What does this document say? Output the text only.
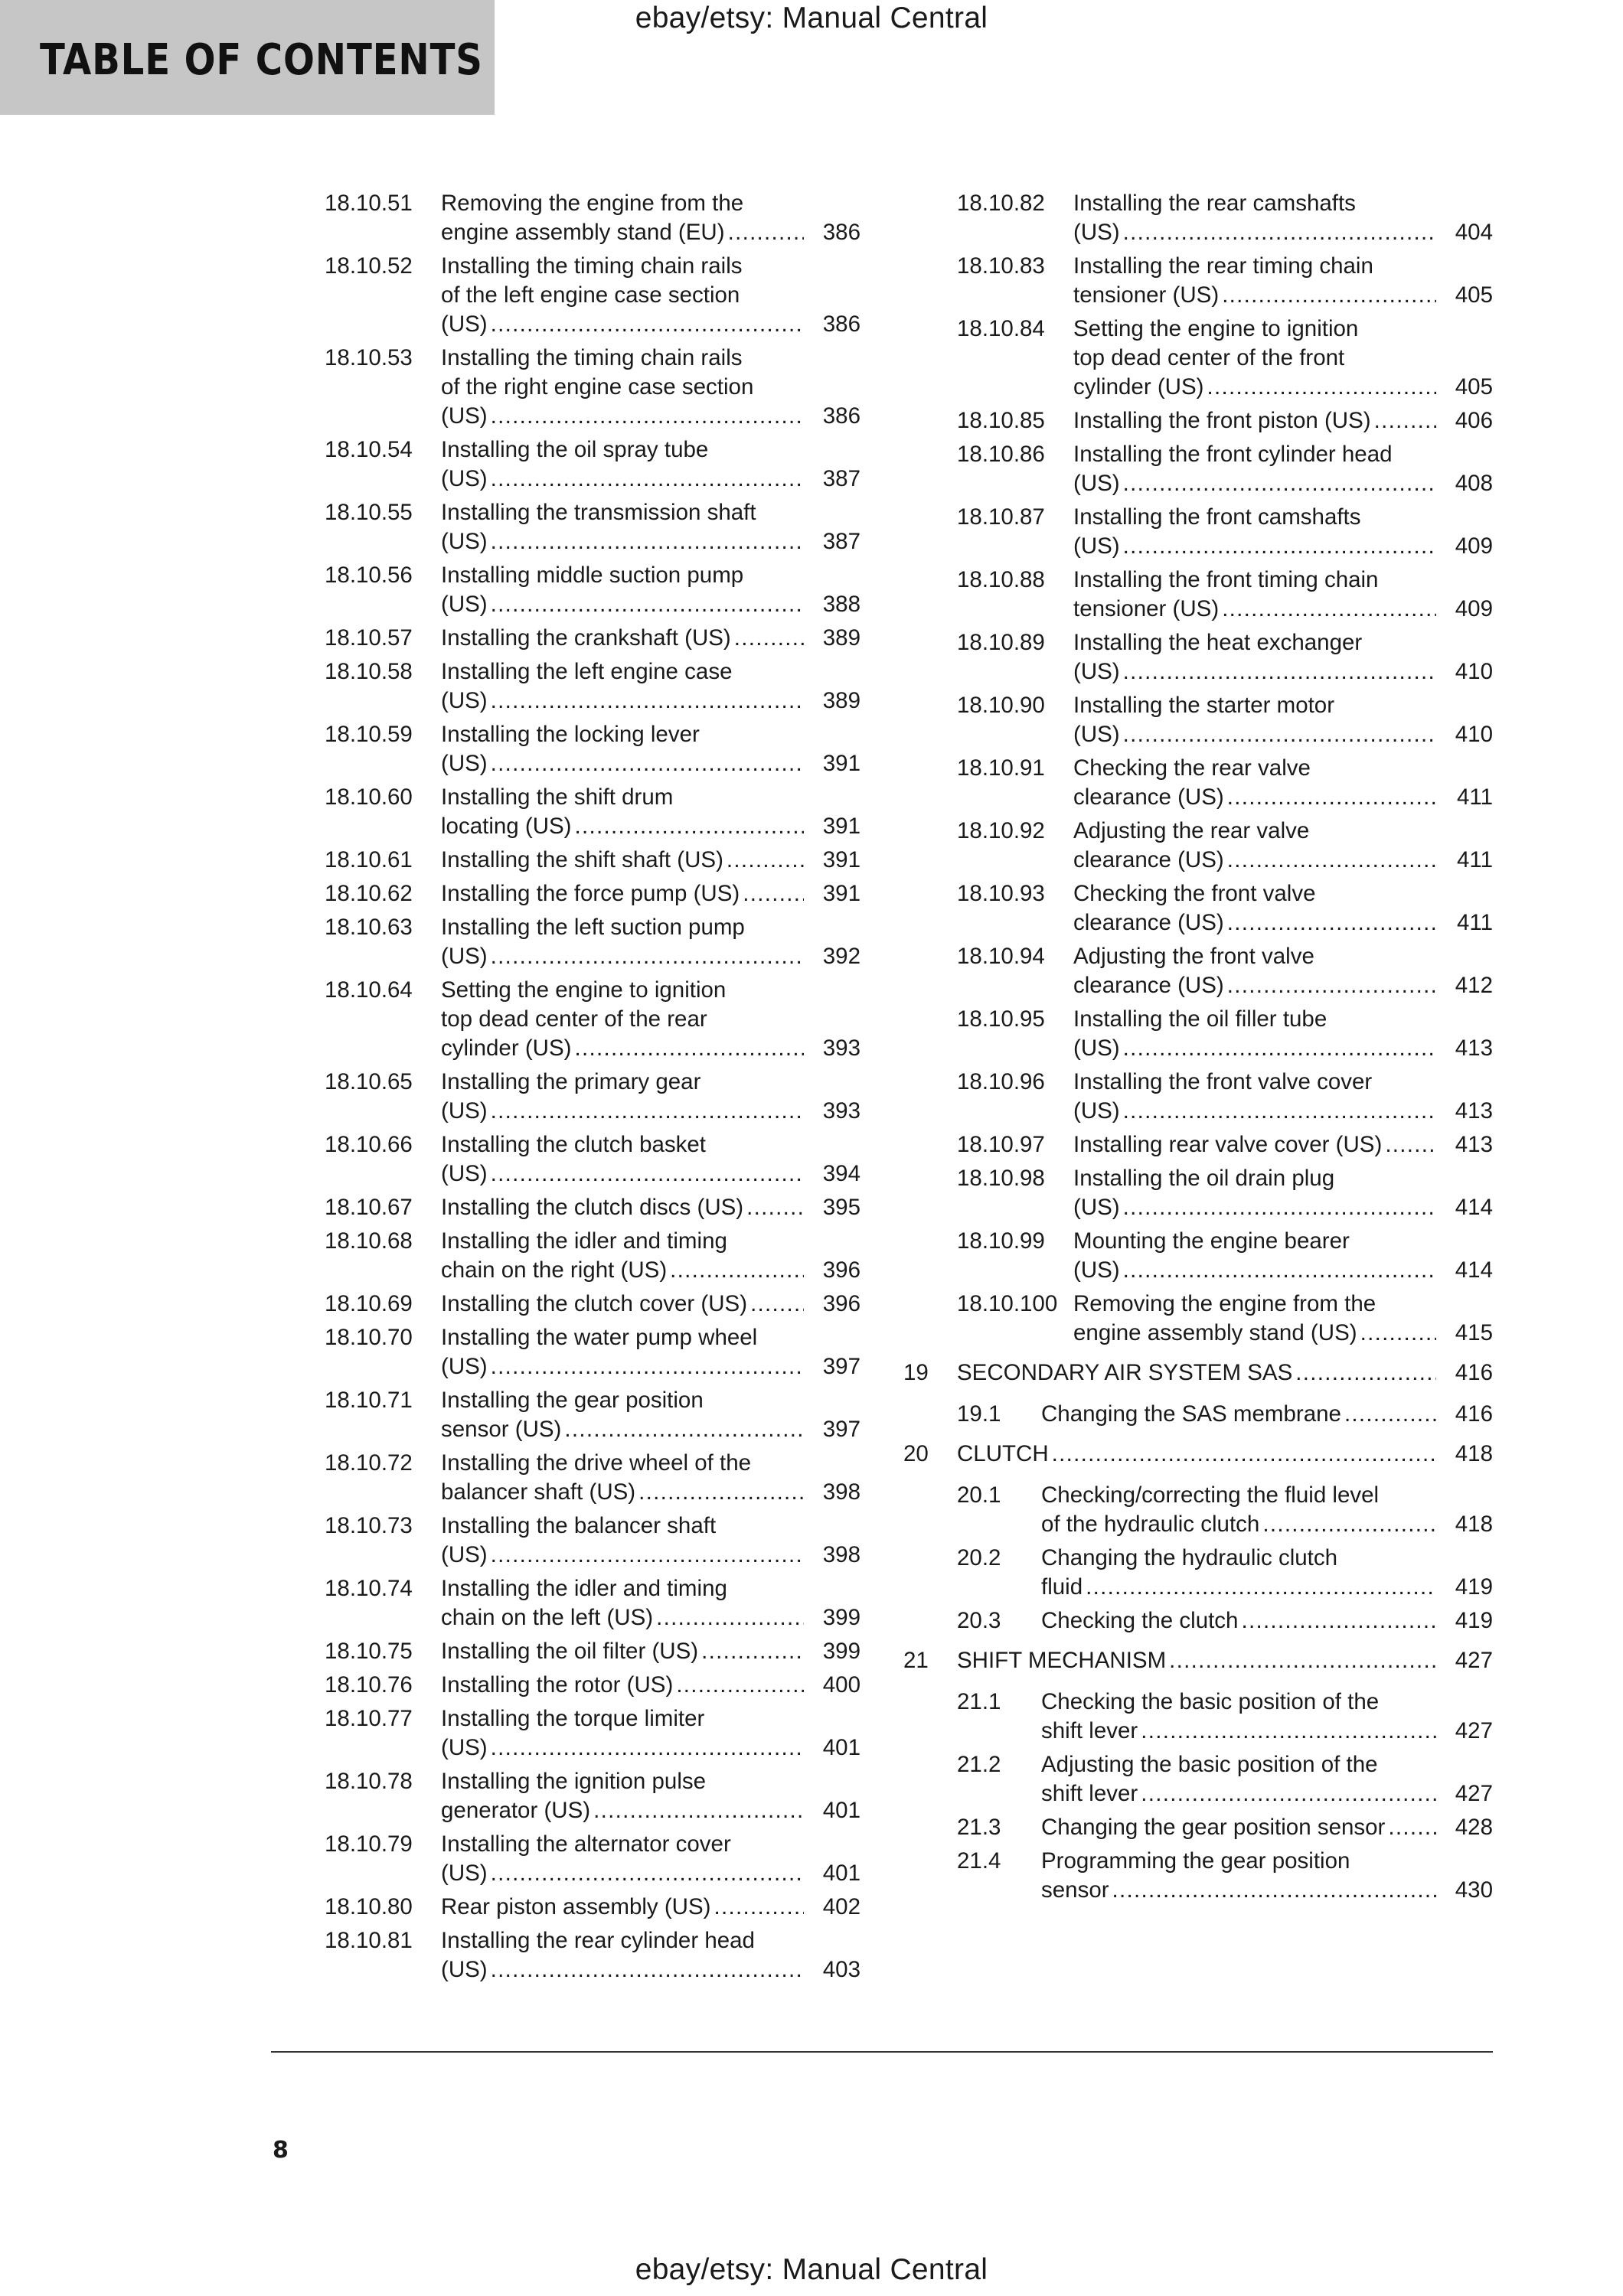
ebay/etsy: Manual Central
TABLE OF CONTENTS
18.10.51 Removing the engine from the
engine assembly stand (EU) .....	386
18.10.52 Installing the timing chain rails
of the left engine case section
(US) .....	386
18.10.53 Installing the timing chain rails
of the right engine case section
(US) .....	386
18.10.54 Installing the oil spray tube
(US) .....	387
18.10.55 Installing the transmission shaft
(US) .....	387
18.10.56 Installing middle suction pump
(US) .....	388
18.10.57 Installing the crankshaft (US) .....	389
18.10.58 Installing the left engine case
(US) .....	389
18.10.59 Installing the locking lever
(US) .....	391
18.10.60 Installing the shift drum
locating (US) .....	391
18.10.61 Installing the shift shaft (US) .....	391
18.10.62 Installing the force pump (US) .....	391
18.10.63 Installing the left suction pump
(US) .....	392
18.10.64 Setting the engine to ignition
top dead center of the rear
cylinder (US) .....	393
18.10.65 Installing the primary gear
(US) .....	393
18.10.66 Installing the clutch basket
(US) .....	394
18.10.67 Installing the clutch discs (US) .....	395
18.10.68 Installing the idler and timing
chain on the right (US) .....	396
18.10.69 Installing the clutch cover (US) .....	396
18.10.70 Installing the water pump wheel
(US) .....	397
18.10.71 Installing the gear position
sensor (US) .....	397
18.10.72 Installing the drive wheel of the
balancer shaft (US) .....	398
18.10.73 Installing the balancer shaft
(US) .....	398
18.10.74 Installing the idler and timing
chain on the left (US) .....	399
18.10.75 Installing the oil filter (US) .....	399
18.10.76 Installing the rotor (US) .....	400
18.10.77 Installing the torque limiter
(US) .....	401
18.10.78 Installing the ignition pulse
generator (US) .....	401
18.10.79 Installing the alternator cover
(US) .....	401
18.10.80 Rear piston assembly (US) .....	402
18.10.81 Installing the rear cylinder head
(US) .....	403
18.10.82 Installing the rear camshafts
(US) .....	404
18.10.83 Installing the rear timing chain
tensioner (US) .....	405
18.10.84 Setting the engine to ignition
top dead center of the front
cylinder (US) .....	405
18.10.85 Installing the front piston (US) .....	406
18.10.86 Installing the front cylinder head
(US) .....	408
18.10.87 Installing the front camshafts
(US) .....	409
18.10.88 Installing the front timing chain
tensioner (US) .....	409
18.10.89 Installing the heat exchanger
(US) .....	410
18.10.90 Installing the starter motor
(US) .....	410
18.10.91 Checking the rear valve
clearance (US) .....	411
18.10.92 Adjusting the rear valve
clearance (US) .....	411
18.10.93 Checking the front valve
clearance (US) .....	411
18.10.94 Adjusting the front valve
clearance (US) .....	412
18.10.95 Installing the oil filler tube
(US) .....	413
18.10.96 Installing the front valve cover
(US) .....	413
18.10.97 Installing rear valve cover (US) .....	413
18.10.98 Installing the oil drain plug
(US) .....	414
18.10.99 Mounting the engine bearer
(US) .....	414
18.10.100 Removing the engine from the
engine assembly stand (US) .....	415
19 SECONDARY AIR SYSTEM SAS .....	416
19.1 Changing the SAS membrane .....	416
20 CLUTCH .....	418
20.1 Checking/correcting the fluid level
of the hydraulic clutch .....	418
20.2 Changing the hydraulic clutch
fluid .....	419
20.3 Checking the clutch .....	419
21 SHIFT MECHANISM .....	427
21.1 Checking the basic position of the
shift lever .....	427
21.2 Adjusting the basic position of the
shift lever .....	427
21.3 Changing the gear position sensor .....	428
21.4 Programming the gear position
sensor .....	430
8
ebay/etsy: Manual Central
